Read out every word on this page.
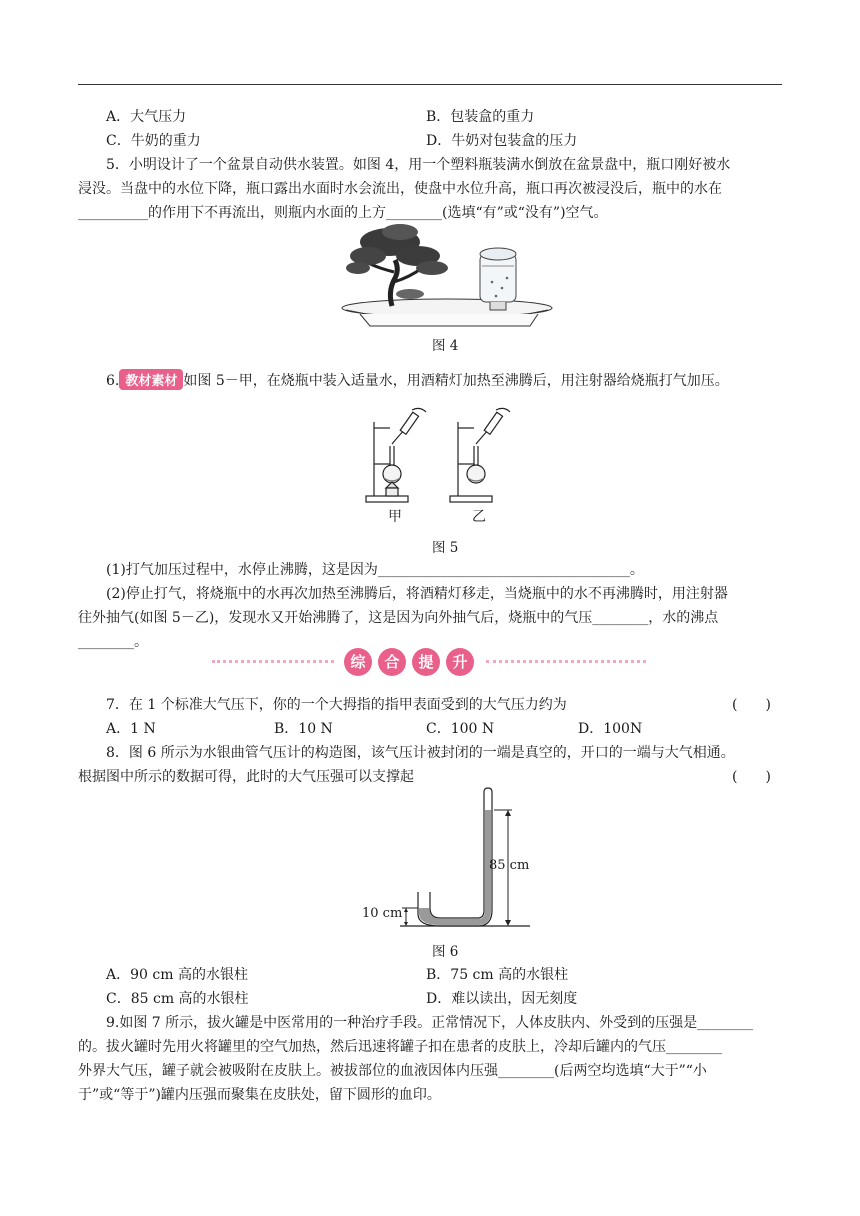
A．大气压力	B．包装盒的重力
C．牛奶的重力	D．牛奶对包装盒的压力
5．小明设计了一个盆景自动供水装置。如图 4，用一个塑料瓶装满水倒放在盆景盘中，瓶口刚好被水
浸没。当盘中的水位下降，瓶口露出水面时水会流出，使盘中水位升高，瓶口再次被浸没后，瓶中的水在
__________的作用下不再流出，则瓶内水面的上方________(选填“有”或“没有”)空气。
图 4
6. 教材素材 如图 5－甲，在烧瓶中装入适量水，用酒精灯加热至沸腾后，用注射器给烧瓶打气加压。
甲	乙
图 5
(1)打气加压过程中，水停止沸腾，这是因为____________________________________。
(2)停止打气，将烧瓶中的水再次加热至沸腾后，将酒精灯移走，当烧瓶中的水不再沸腾时，用注射器
往外抽气(如图 5－乙)，发现水又开始沸腾了，这是因为向外抽气后，烧瓶中的气压________，水的沸点
________。
综	合	提	升
7．在 1 个标准大气压下，你的一个大拇指的指甲表面受到的大气压力约为	(　　)
A．1 N	B．10 N	C．100 N	D．100N
8．图 6 所示为水银曲管气压计的构造图，该气压计被封闭的一端是真空的，开口的一端与大气相通。
根据图中所示的数据可得，此时的大气压强可以支撑起	(　　)
85 cm
10 cm
图 6
A．90 cm 高的水银柱	B．75 cm 高的水银柱
C．85 cm 高的水银柱	D．难以读出，因无刻度
9.如图 7 所示，拔火罐是中医常用的一种治疗手段。正常情况下，人体皮肤内、外受到的压强是________
的。拔火罐时先用火将罐里的空气加热，然后迅速将罐子扣在患者的皮肤上，冷却后罐内的气压________
外界大气压，罐子就会被吸附在皮肤上。被拔部位的血液因体内压强________(后两空均选填“大于”“小
于”或“等于”)罐内压强而聚集在皮肤处，留下圆形的血印。
